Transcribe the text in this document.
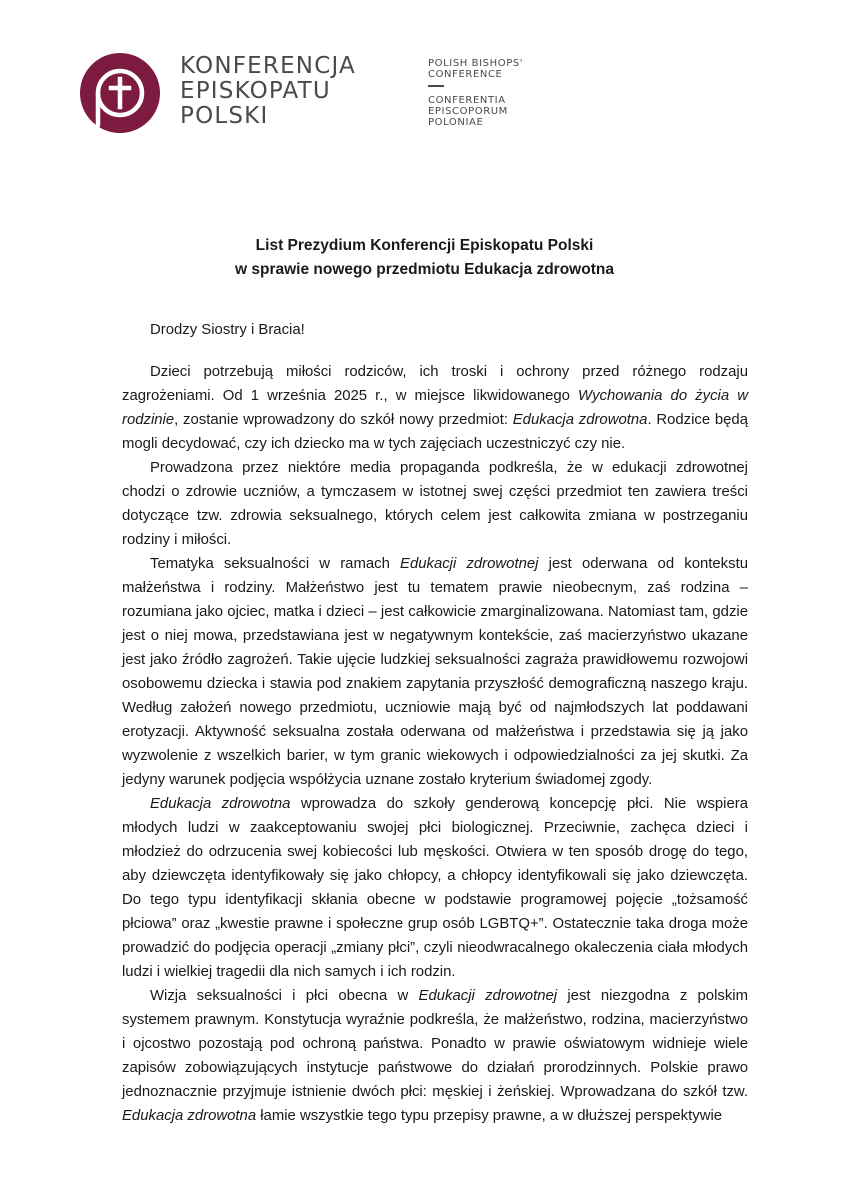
KONFERENCJA
EPISKOPATU
POLSKI
POLISH BISHOPS'
CONFERENCE
CONFERENTIA
EPISCOPORUM
POLONIAE
List Prezydium Konferencji Episkopatu Polski
w sprawie nowego przedmiotu Edukacja zdrowotna
Drodzy Siostry i Bracia!

Dzieci potrzebują miłości rodziców, ich troski i ochrony przed różnego rodzaju zagrożeniami. Od 1 września 2025 r., w miejsce likwidowanego Wychowania do życia w rodzinie, zostanie wprowadzony do szkół nowy przedmiot: Edukacja zdrowotna. Rodzice będą mogli decydować, czy ich dziecko ma w tych zajęciach uczestniczyć czy nie.

Prowadzona przez niektóre media propaganda podkreśla, że w edukacji zdrowotnej chodzi o zdrowie uczniów, a tymczasem w istotnej swej części przedmiot ten zawiera treści dotyczące tzw. zdrowia seksualnego, których celem jest całkowita zmiana w postrzeganiu rodziny i miłości.

Tematyka seksualności w ramach Edukacji zdrowotnej jest oderwana od kontekstu małżeństwa i rodziny. Małżeństwo jest tu tematem prawie nieobecnym, zaś rodzina – rozumiana jako ojciec, matka i dzieci – jest całkowicie zmarginalizowana. Natomiast tam, gdzie jest o niej mowa, przedstawiana jest w negatywnym kontekście, zaś macierzyństwo ukazane jest jako źródło zagrożeń. Takie ujęcie ludzkiej seksualności zagraża prawidłowemu rozwojowi osobowemu dziecka i stawia pod znakiem zapytania przyszłość demograficzną naszego kraju. Według założeń nowego przedmiotu, uczniowie mają być od najmłodszych lat poddawani erotyzacji. Aktywność seksualna została oderwana od małżeństwa i przedstawia się ją jako wyzwolenie z wszelkich barier, w tym granic wiekowych i odpowiedzialności za jej skutki. Za jedyny warunek podjęcia współżycia uznane zostało kryterium świadomej zgody.

Edukacja zdrowotna wprowadza do szkoły genderową koncepcję płci. Nie wspiera młodych ludzi w zaakceptowaniu swojej płci biologicznej. Przeciwnie, zachęca dzieci i młodzież do odrzucenia swej kobiecości lub męskości. Otwiera w ten sposób drogę do tego, aby dziewczęta identyfikowały się jako chłopcy, a chłopcy identyfikowali się jako dziewczęta. Do tego typu identyfikacji skłania obecne w podstawie programowej pojęcie „tożsamość płciowa” oraz „kwestie prawne i społeczne grup osób LGBTQ+”. Ostatecznie taka droga może prowadzić do podjęcia operacji „zmiany płci”, czyli nieodwracalnego okaleczenia ciała młodych ludzi i wielkiej tragedii dla nich samych i ich rodzin.

Wizja seksualności i płci obecna w Edukacji zdrowotnej jest niezgodna z polskim systemem prawnym. Konstytucja wyraźnie podkreśla, że małżeństwo, rodzina, macierzyństwo i ojcostwo pozostają pod ochroną państwa. Ponadto w prawie oświatowym widnieje wiele zapisów zobowiązujących instytucje państwowe do działań prorodzinnych. Polskie prawo jednoznacznie przyjmuje istnienie dwóch płci: męskiej i żeńskiej. Wprowadzana do szkół tzw. Edukacja zdrowotna łamie wszystkie tego typu przepisy prawne, a w dłuższej perspektywie
